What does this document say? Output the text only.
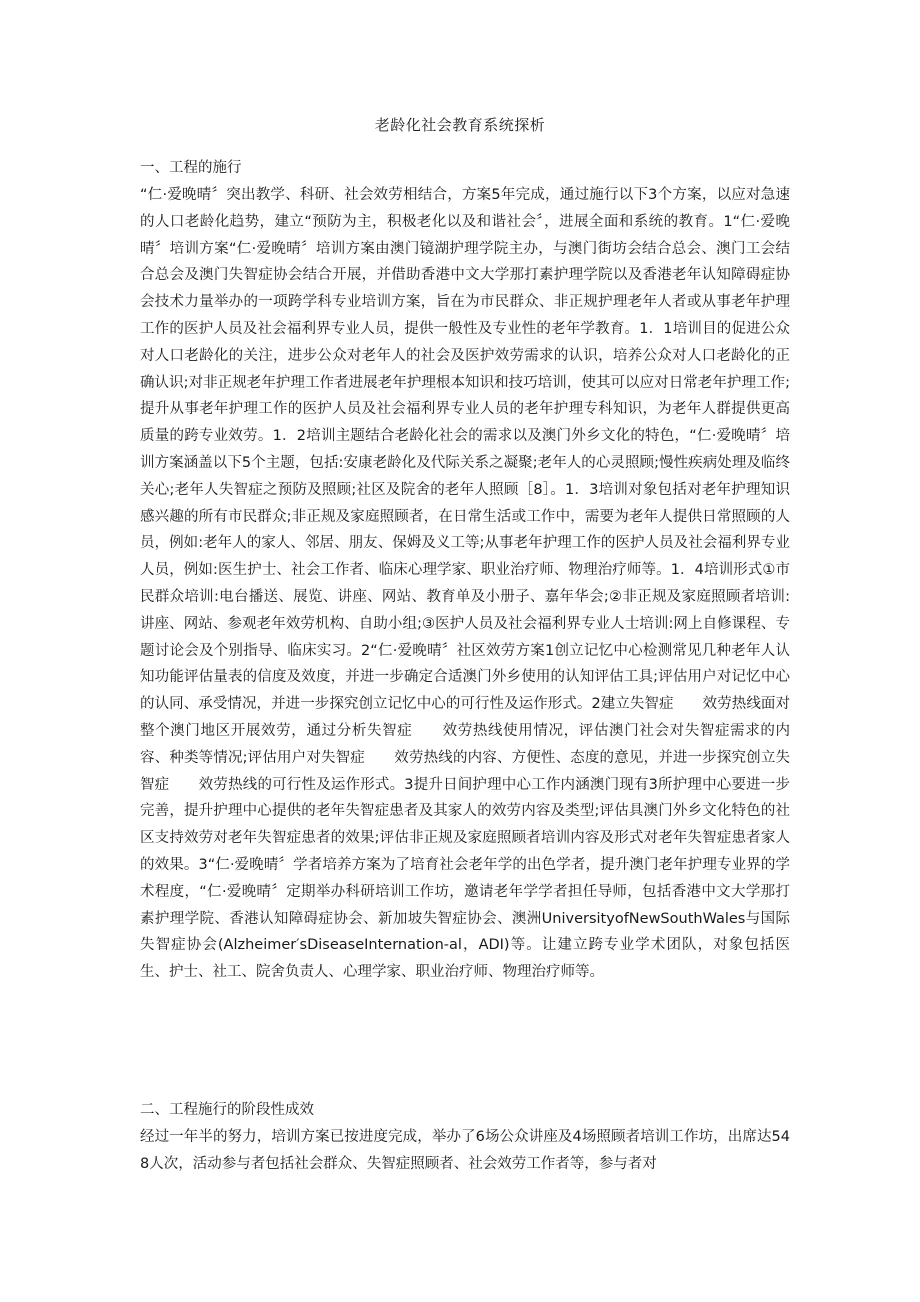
老龄化社会教育系统探析
一、工程的施行
“仁·爱晚晴〞突出教学、科研、社会效劳相结合，方案5年完成，通过施行以下3个方案，以应对急速的人口老龄化趋势，建立“预防为主，积极老化以及和谐社会〞，进展全面和系统的教育。1“仁·爱晚晴〞培训方案“仁·爱晚晴〞培训方案由澳门镜湖护理学院主办，与澳门街坊会结合总会、澳门工会结合总会及澳门失智症协会结合开展，并借助香港中文大学那打素护理学院以及香港老年认知障碍症协会技术力量举办的一项跨学科专业培训方案，旨在为市民群众、非正规护理老年人者或从事老年护理工作的医护人员及社会福利界专业人员，提供一般性及专业性的老年学教育。1．1培训目的促进公众对人口老龄化的关注，进步公众对老年人的社会及医护效劳需求的认识，培养公众对人口老龄化的正确认识;对非正规老年护理工作者进展老年护理根本知识和技巧培训，使其可以应对日常老年护理工作;提升从事老年护理工作的医护人员及社会福利界专业人员的老年护理专科知识，为老年人群提供更高质量的跨专业效劳。1．2培训主题结合老龄化社会的需求以及澳门外乡文化的特色，“仁·爱晚晴〞培训方案涵盖以下5个主题，包括:安康老龄化及代际关系之凝聚;老年人的心灵照顾;慢性疾病处理及临终关心;老年人失智症之预防及照顾;社区及院舍的老年人照顾［8］。1．3培训对象包括对老年护理知识感兴趣的所有市民群众;非正规及家庭照顾者，在日常生活或工作中，需要为老年人提供日常照顾的人员，例如:老年人的家人、邻居、朋友、保姆及义工等;从事老年护理工作的医护人员及社会福利界专业人员，例如:医生护士、社会工作者、临床心理学家、职业治疗师、物理治疗师等。1．4培训形式①市民群众培训:电台播送、展览、讲座、网站、教育单及小册子、嘉年华会;②非正规及家庭照顾者培训:讲座、网站、参观老年效劳机构、自助小组;③医护人员及社会福利界专业人士培训:网上自修课程、专题讨论会及个别指导、临床实习。2“仁·爱晚晴〞社区效劳方案1创立记忆中心检测常见几种老年人认知功能评估量表的信度及效度，并进一步确定合适澳门外乡使用的认知评估工具;评估用户对记忆中心的认同、承受情况，并进一步探究创立记忆中心的可行性及运作形式。2建立失智症　　效劳热线面对整个澳门地区开展效劳，通过分析失智症　　效劳热线使用情况，评估澳门社会对失智症需求的内容、种类等情况;评估用户对失智症　　效劳热线的内容、方便性、态度的意见，并进一步探究创立失智症　　效劳热线的可行性及运作形式。3提升日间护理中心工作内涵澳门现有3所护理中心要进一步完善，提升护理中心提供的老年失智症患者及其家人的效劳内容及类型;评估具澳门外乡文化特色的社区支持效劳对老年失智症患者的效果;评估非正规及家庭照顾者培训内容及形式对老年失智症患者家人的效果。3“仁·爱晚晴〞学者培养方案为了培育社会老年学的出色学者，提升澳门老年护理专业界的学术程度，“仁·爱晚晴〞定期举办科研培训工作坊，邀请老年学学者担任导师，包括香港中文大学那打素护理学院、香港认知障碍症协会、新加坡失智症协会、澳洲UniversityofNewSouthWales与国际失智症协会(Alzheimer′sDiseaseInternation-al，ADI)等。让建立跨专业学术团队，对象包括医生、护士、社工、院舍负责人、心理学家、职业治疗师、物理治疗师等。
二、工程施行的阶段性成效
经过一年半的努力，培训方案已按进度完成，举办了6场公众讲座及4场照顾者培训工作坊，出席达548人次，活动参与者包括社会群众、失智症照顾者、社会效劳工作者等，参与者对
